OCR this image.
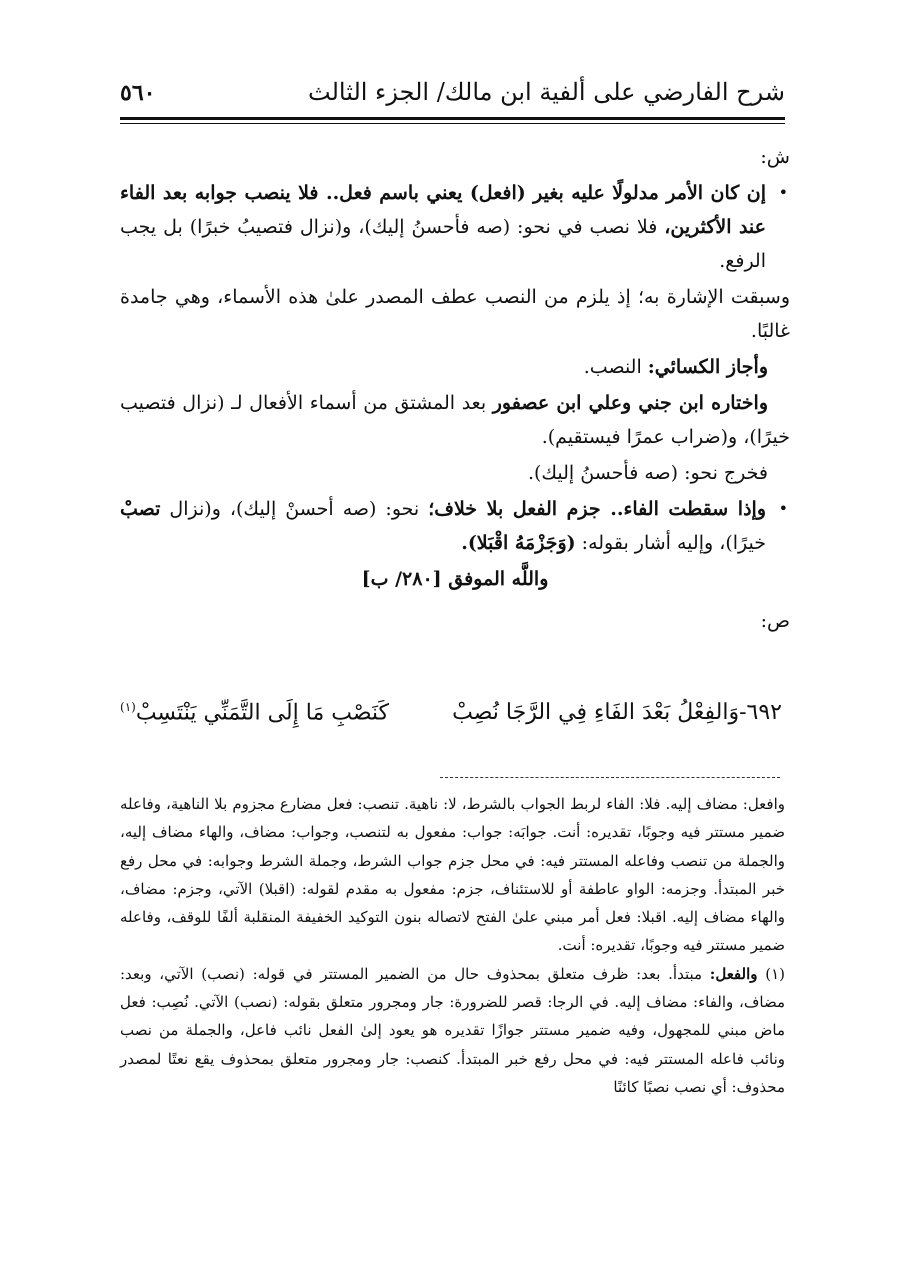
شرح الفارضي على ألفية ابن مالك/ الجزء الثالث
٥٦٠

ش:

•
إن كان الأمر مدلولًا عليه بغير (افعل) يعني باسم فعل.. فلا ينصب جوابه بعد الفاء عند الأكثرين، فلا نصب في نحو: (صه فأحسنُ إليك)، و(نزال فتصيبُ خبرًا) بل يجب الرفع.

وسبقت الإشارة به؛ إذ يلزم من النصب عطف المصدر علىٰ هذه الأسماء، وهي جامدة غالبًا.

وأجاز الكسائي: النصب.

واختاره ابن جني وعلي ابن عصفور بعد المشتق من أسماء الأفعال لـ (نزال فتصيب خيرًا)، و(ضراب عمرًا فيستقيم).

فخرج نحو: (صه فأحسنُ إليك).

•
وإذا سقطت الفاء.. جزم الفعل بلا خلاف؛ نحو: (صه أحسنْ إليك)، و(نزال تصبْ خيرًا)، وإليه أشار بقوله: (وَجَزْمَهُ اقْبَلا).

واللَّه الموفق [٢٨٠/ ب]

ص:

٦٩٢-وَالفِعْلُ بَعْدَ الفَاءِ فِي الرَّجَا نُصِبْ
كَنَصْبِ مَا إِلَى التَّمَنِّي يَنْتَسِبْ$^{(١)}$

وافعل: مضاف إليه. فلا: الفاء لربط الجواب بالشرط، لا: ناهية. تنصب: فعل مضارع مجزوم بلا الناهية، وفاعله ضمير مستتر فيه وجوبًا، تقديره: أنت. جوابَه: جواب: مفعول به لتنصب، وجواب: مضاف، والهاء مضاف إليه، والجملة من تنصب وفاعله المستتر فيه: في محل جزم جواب الشرط، وجملة الشرط وجوابه: في محل رفع خبر المبتدأ. وجزمه: الواو عاطفة أو للاستئناف، جزم: مفعول به مقدم لقوله: (اقبلا) الآتي، وجزم: مضاف، والهاء مضاف إليه. اقبلا: فعل أمر مبني علىٰ الفتح لاتصاله بنون التوكيد الخفيفة المنقلبة ألفًا للوقف، وفاعله ضمير مستتر فيه وجوبًا، تقديره: أنت.

(١) والفعل: مبتدأ. بعد: ظرف متعلق بمحذوف حال من الضمير المستتر في قوله: (نصب) الآتي، وبعد: مضاف، والفاء: مضاف إليه. في الرجا: قصر للضرورة: جار ومجرور متعلق بقوله: (نصب) الآتي. نُصِب: فعل ماض مبني للمجهول، وفيه ضمير مستتر جوازًا تقديره هو يعود إلىٰ الفعل نائب فاعل، والجملة من نصب ونائب فاعله المستتر فيه: في محل رفع خبر المبتدأ. كنصب: جار ومجرور متعلق بمحذوف يقع نعتًا لمصدر محذوف: أي نصب نصبًا كائنًا
